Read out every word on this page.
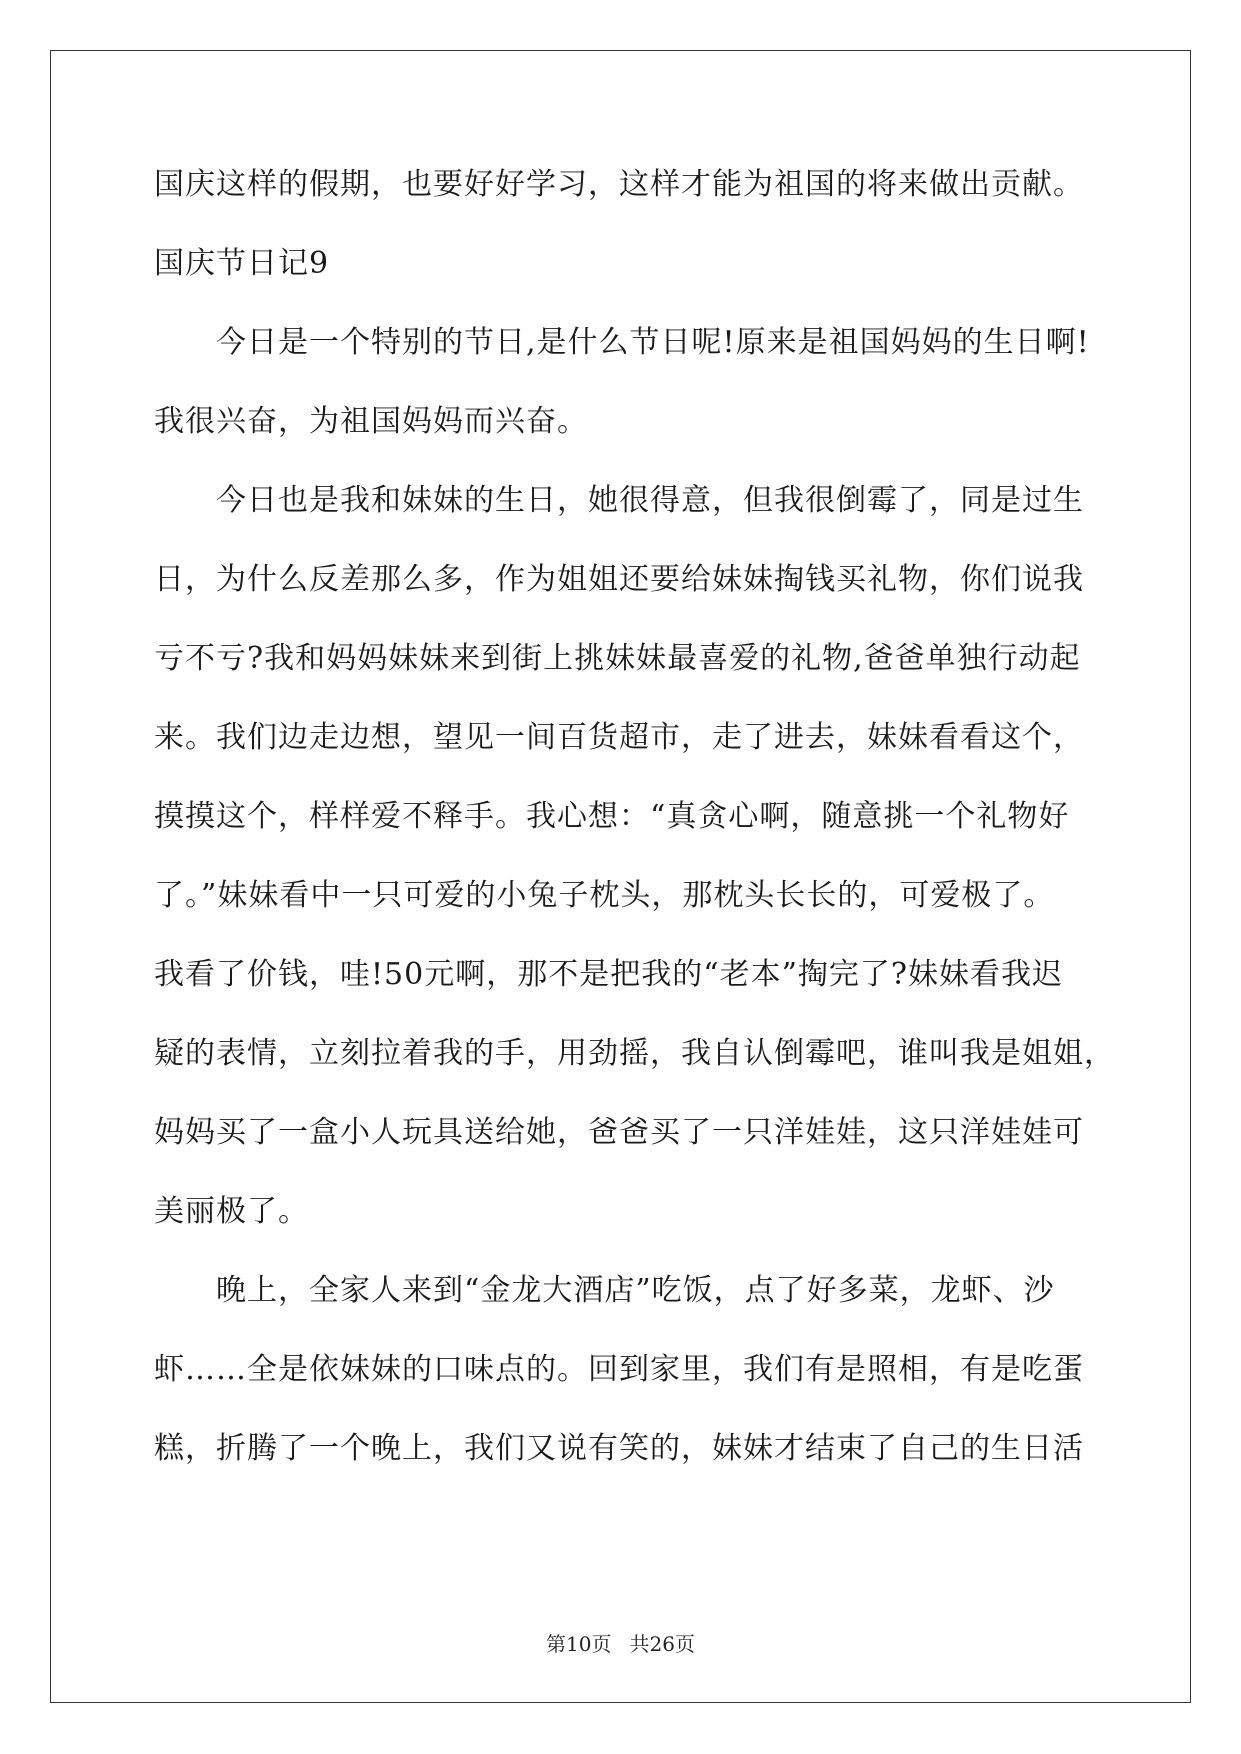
国庆这样的假期，也要好好学习，这样才能为祖国的将来做出贡献。
国庆节日记9
今日是一个特别的节日,是什么节日呢!原来是祖国妈妈的生日啊!
我很兴奋，为祖国妈妈而兴奋。
今日也是我和妹妹的生日，她很得意，但我很倒霉了，同是过生
日，为什么反差那么多，作为姐姐还要给妹妹掏钱买礼物，你们说我
亏不亏?我和妈妈妹妹来到街上挑妹妹最喜爱的礼物,爸爸单独行动起
来。我们边走边想，望见一间百货超市，走了进去，妹妹看看这个，
摸摸这个，样样爱不释手。我心想：“真贪心啊，随意挑一个礼物好
了。”妹妹看中一只可爱的小兔子枕头，那枕头长长的，可爱极了。
我看了价钱，哇!50元啊，那不是把我的“老本”掏完了?妹妹看我迟
疑的表情，立刻拉着我的手，用劲摇，我自认倒霉吧，谁叫我是姐姐，
妈妈买了一盒小人玩具送给她，爸爸买了一只洋娃娃，这只洋娃娃可
美丽极了。
晚上，全家人来到“金龙大酒店”吃饭，点了好多菜，龙虾、沙
虾……全是依妹妹的口味点的。回到家里，我们有是照相，有是吃蛋
糕，折腾了一个晚上，我们又说有笑的，妹妹才结束了自己的生日活
第10页 共26页
